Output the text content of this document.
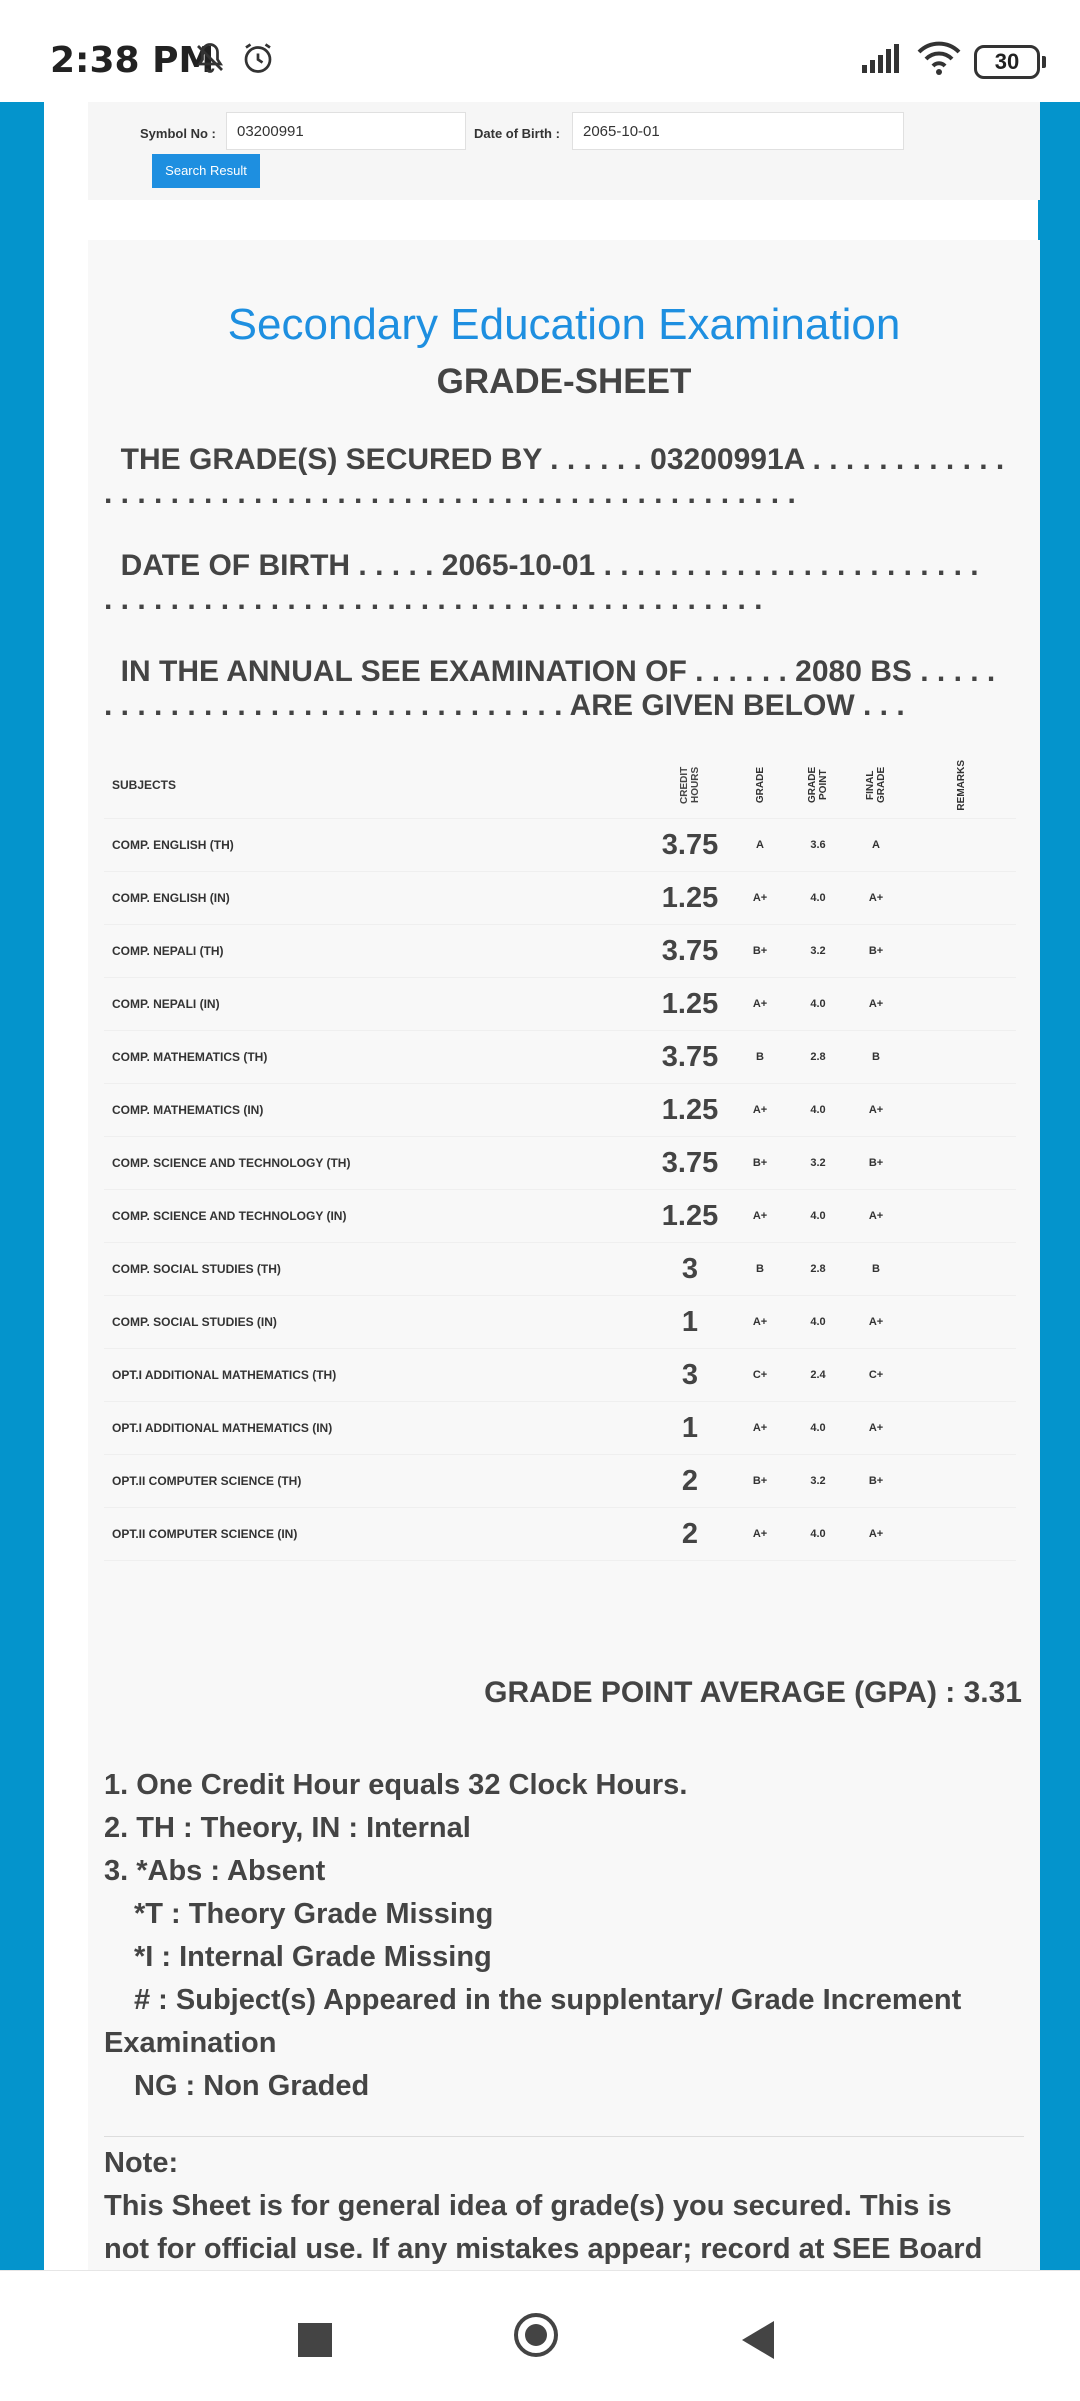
2:38 PM	30
Symbol No :	03200991	Date of Birth :	2065-10-01
Search Result
Secondary Education Examination
GRADE-SHEET
THE GRADE(S) SECURED BY . . . . . . 03200991A . . . . . . . . . . . .
. . . . . . . . . . . . . . . . . . . . . . . . . . . . . . . . . . . . . . . . . .
DATE OF BIRTH . . . . . 2065-10-01 . . . . . . . . . . . . . . . . . . . . . . .
. . . . . . . . . . . . . . . . . . . . . . . . . . . . . . . . . . . . . . . .
IN THE ANNUAL SEE EXAMINATION OF . . . . . . 2080 BS . . . . .
. . . . . . . . . . . . . . . . . . . . . . . . . . . . ARE GIVEN BELOW . . .
SUBJECTS	CREDIT HOURS	GRADE	GRADE POINT	FINAL GRADE	REMARKS
COMP. ENGLISH (TH)	3.75	A	3.6	A
COMP. ENGLISH (IN)	1.25	A+	4.0	A+
COMP. NEPALI (TH)	3.75	B+	3.2	B+
COMP. NEPALI (IN)	1.25	A+	4.0	A+
COMP. MATHEMATICS (TH)	3.75	B	2.8	B
COMP. MATHEMATICS (IN)	1.25	A+	4.0	A+
COMP. SCIENCE AND TECHNOLOGY (TH)	3.75	B+	3.2	B+
COMP. SCIENCE AND TECHNOLOGY (IN)	1.25	A+	4.0	A+
COMP. SOCIAL STUDIES (TH)	3	B	2.8	B
COMP. SOCIAL STUDIES (IN)	1	A+	4.0	A+
OPT.I ADDITIONAL MATHEMATICS (TH)	3	C+	2.4	C+
OPT.I ADDITIONAL MATHEMATICS (IN)	1	A+	4.0	A+
OPT.II COMPUTER SCIENCE (TH)	2	B+	3.2	B+
OPT.II COMPUTER SCIENCE (IN)	2	A+	4.0	A+
GRADE POINT AVERAGE (GPA) : 3.31
1. One Credit Hour equals 32 Clock Hours.
2. TH : Theory, IN : Internal
3. *Abs : Absent
*T : Theory Grade Missing
*I : Internal Grade Missing
# : Subject(s) Appeared in the supplentary/ Grade Increment
Examination
NG : Non Graded
Note:
This Sheet is for general idea of grade(s) you secured. This is
not for official use. If any mistakes appear; record at SEE Board
